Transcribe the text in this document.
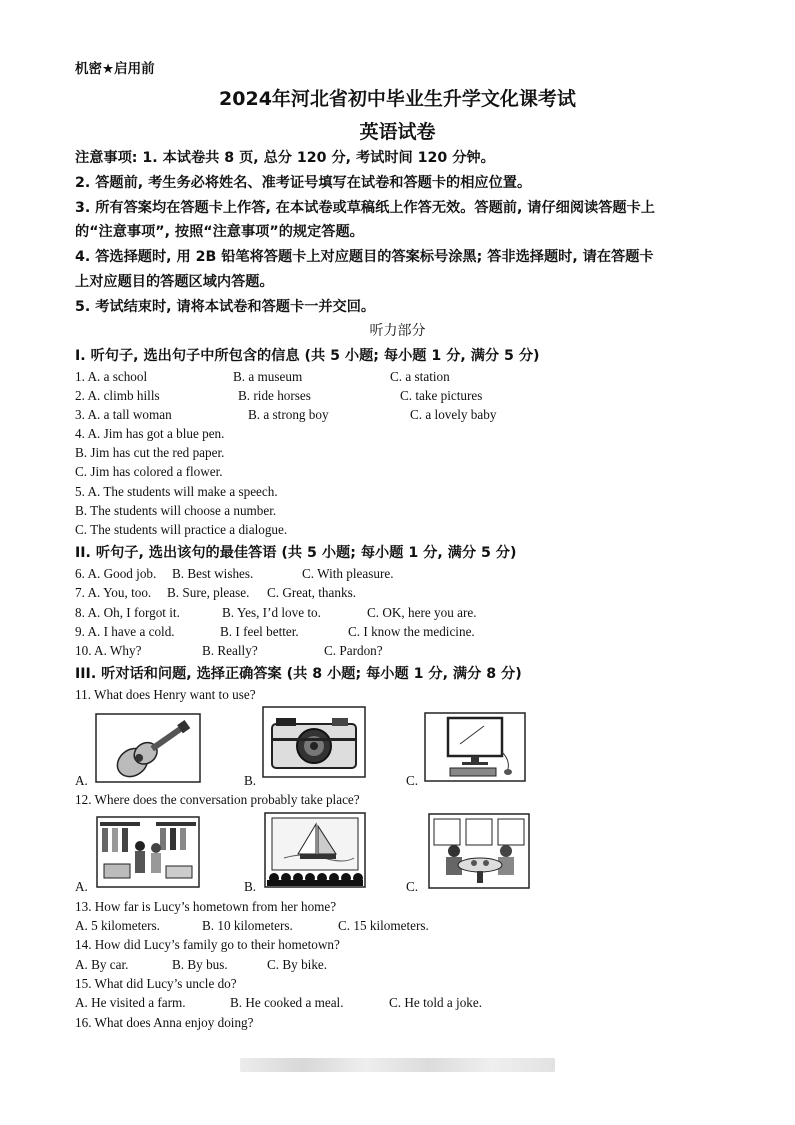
机密★启用前
2024年河北省初中毕业生升学文化课考试
英语试卷
注意事项: 1. 本试卷共 8 页, 总分 120 分, 考试时间 120 分钟。
2. 答题前, 考生务必将姓名、准考证号填写在试卷和答题卡的相应位置。
3. 所有答案均在答题卡上作答, 在本试卷或草稿纸上作答无效。答题前, 请仔细阅读答题卡上
的“注意事项”, 按照“注意事项”的规定答题。
4. 答选择题时, 用 2B 铅笔将答题卡上对应题目的答案标号涂黑; 答非选择题时, 请在答题卡
上对应题目的答题区域内答题。
5. 考试结束时, 请将本试卷和答题卡一并交回。
听力部分
I. 听句子, 选出句子中所包含的信息 (共 5 小题; 每小题 1 分, 满分 5 分)
1. A. a school	B. a museum	C. a station
2. A. climb hills	B. ride horses	C. take pictures
3. A. a tall woman	B. a strong boy	C. a lovely baby
4. A. Jim has got a blue pen.
B. Jim has cut the red paper.
C. Jim has colored a flower.
5. A. The students will make a speech.
B. The students will choose a number.
C. The students will practice a dialogue.
II. 听句子, 选出该句的最佳答语 (共 5 小题; 每小题 1 分, 满分 5 分)
6. A. Good job. B. Best wishes.	C. With pleasure.
7. A. You, too. B. Sure, please. C. Great, thanks.
8. A. Oh, I forgot it.	B. Yes, I’d love to.	C. OK, here you are.
9. A. I have a cold.	B. I feel better.	C. I know the medicine.
10. A. Why?	B. Really?	C. Pardon?
III. 听对话和问题, 选择正确答案 (共 8 小题; 每小题 1 分, 满分 8 分)
11. What does Henry want to use?
A.	B.	C.
12. Where does the conversation probably take place?
A.	B.	C.
13. How far is Lucy’s hometown from her home?
A. 5 kilometers.	B. 10 kilometers.	C. 15 kilometers.
14. How did Lucy’s family go to their hometown?
A. By car.	B. By bus.	C. By bike.
15. What did Lucy’s uncle do?
A. He visited a farm.	B. He cooked a meal.	C. He told a joke.
16. What does Anna enjoy doing?
